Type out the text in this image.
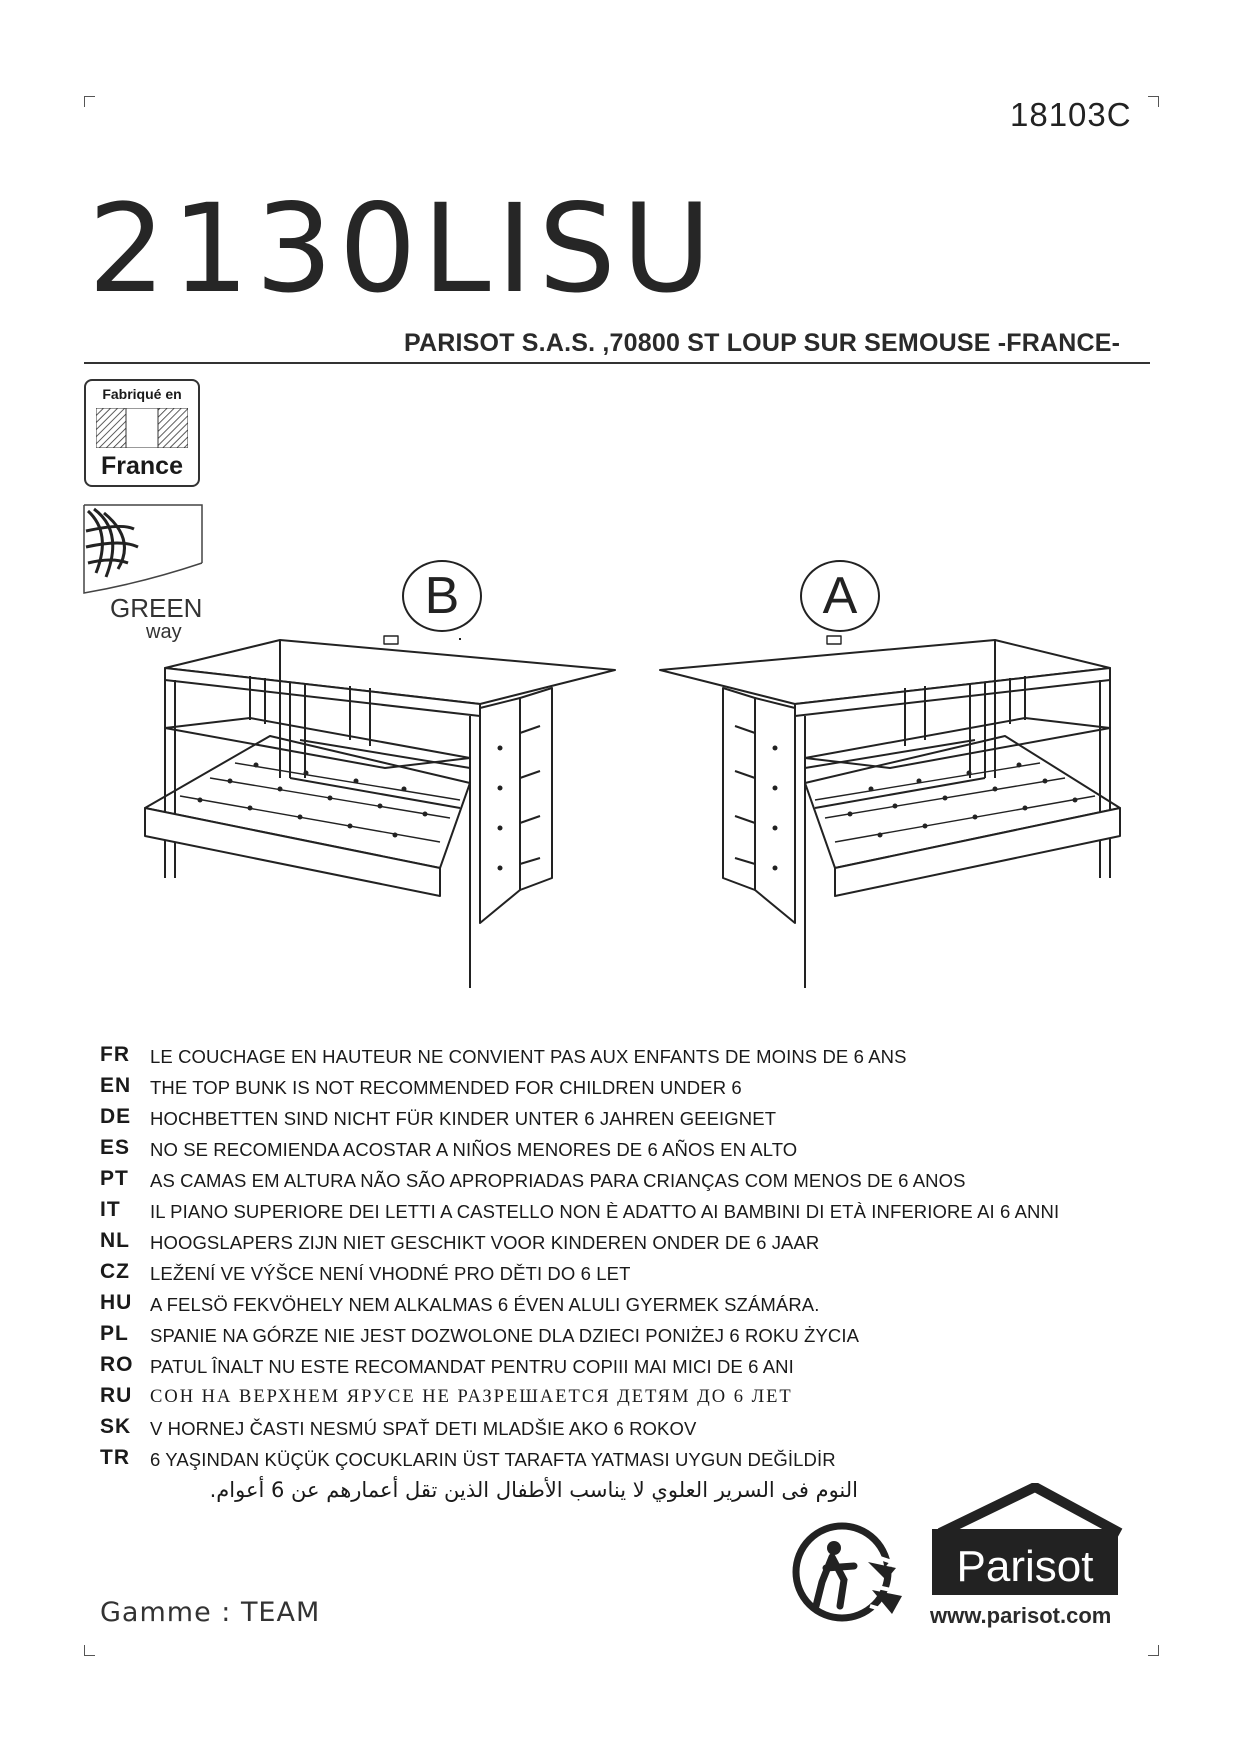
18103C
2130LISU
PARISOT S.A.S. ,70800 ST LOUP SUR SEMOUSE -FRANCE-
Fabriqué en
France
GREEN
way
B	A
FR LE COUCHAGE EN HAUTEUR NE CONVIENT PAS AUX ENFANTS DE MOINS DE 6 ANS
EN THE TOP BUNK IS NOT RECOMMENDED FOR CHILDREN UNDER 6
DE HOCHBETTEN SIND NICHT FÜR KINDER UNTER 6 JAHREN GEEIGNET
ES NO SE RECOMIENDA ACOSTAR A NIÑOS MENORES DE 6 AÑOS EN ALTO
PT AS CAMAS EM ALTURA NÃO SÃO APROPRIADAS PARA CRIANÇAS COM MENOS DE 6 ANOS
IT IL PIANO SUPERIORE DEI LETTI A CASTELLO NON È ADATTO AI BAMBINI DI ETÀ INFERIORE AI 6 ANNI
NL HOOGSLAPERS ZIJN NIET GESCHIKT VOOR KINDEREN ONDER DE 6 JAAR
CZ LEŽENÍ VE VÝŠCE NENÍ VHODNÉ PRO DĚTI DO 6 LET
HU A FELSÖ FEKVÖHELY NEM ALKALMAS 6 ÉVEN ALULI GYERMEK SZÁMÁRA.
PL SPANIE NA GÓRZE NIE JEST DOZWOLONE DLA DZIECI PONIŻEJ 6 ROKU ŻYCIA
RO PATUL ÎNALT NU ESTE RECOMANDAT PENTRU COPIII MAI MICI DE 6 ANI
RU СОН НА ВЕРХНЕМ ЯРУСЕ НЕ РАЗРЕШАЕТСЯ ДЕТЯМ ДО 6 ЛЕТ
SK V HORNEJ ČASTI NESMÚ SPAŤ DETI MLADŠIE AKO 6 ROKOV
TR 6 YAŞINDAN KÜÇÜK ÇOCUKLARIN ÜST TARAFTA YATMASI UYGUN DEĞİLDİR
النوم فى السرير العلوي لا يناسب الأطفال الذين تقل أعمارهم عن 6 أعوام.
Gamme : TEAM
Parisot
www.parisot.com
